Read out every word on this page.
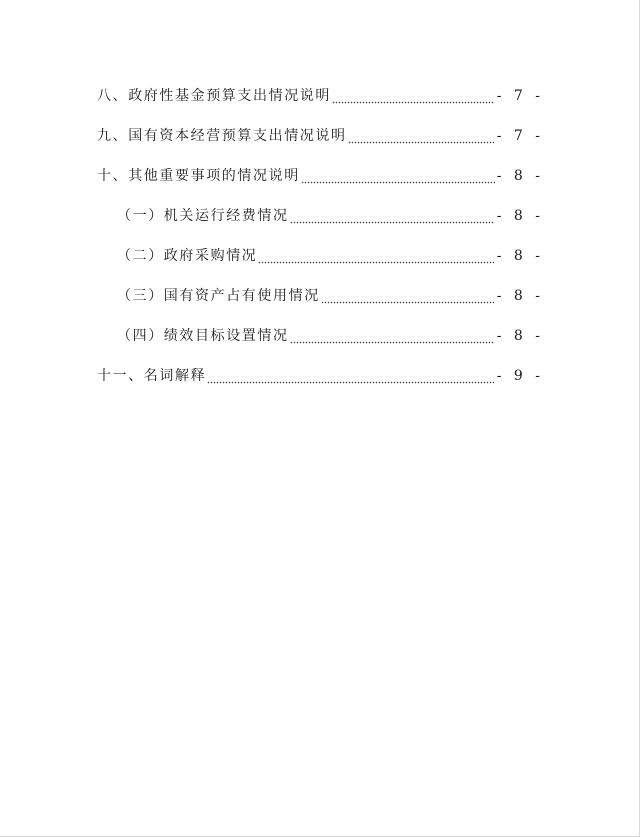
八、政府性基金预算支出情况说明	- 7 -
九、国有资本经营预算支出情况说明	- 7 -
十、其他重要事项的情况说明	- 8 -
（一）机关运行经费情况	- 8 -
（二）政府采购情况	- 8 -
（三）国有资产占有使用情况	- 8 -
（四）绩效目标设置情况	- 8 -
十一、名词解释	- 9 -
